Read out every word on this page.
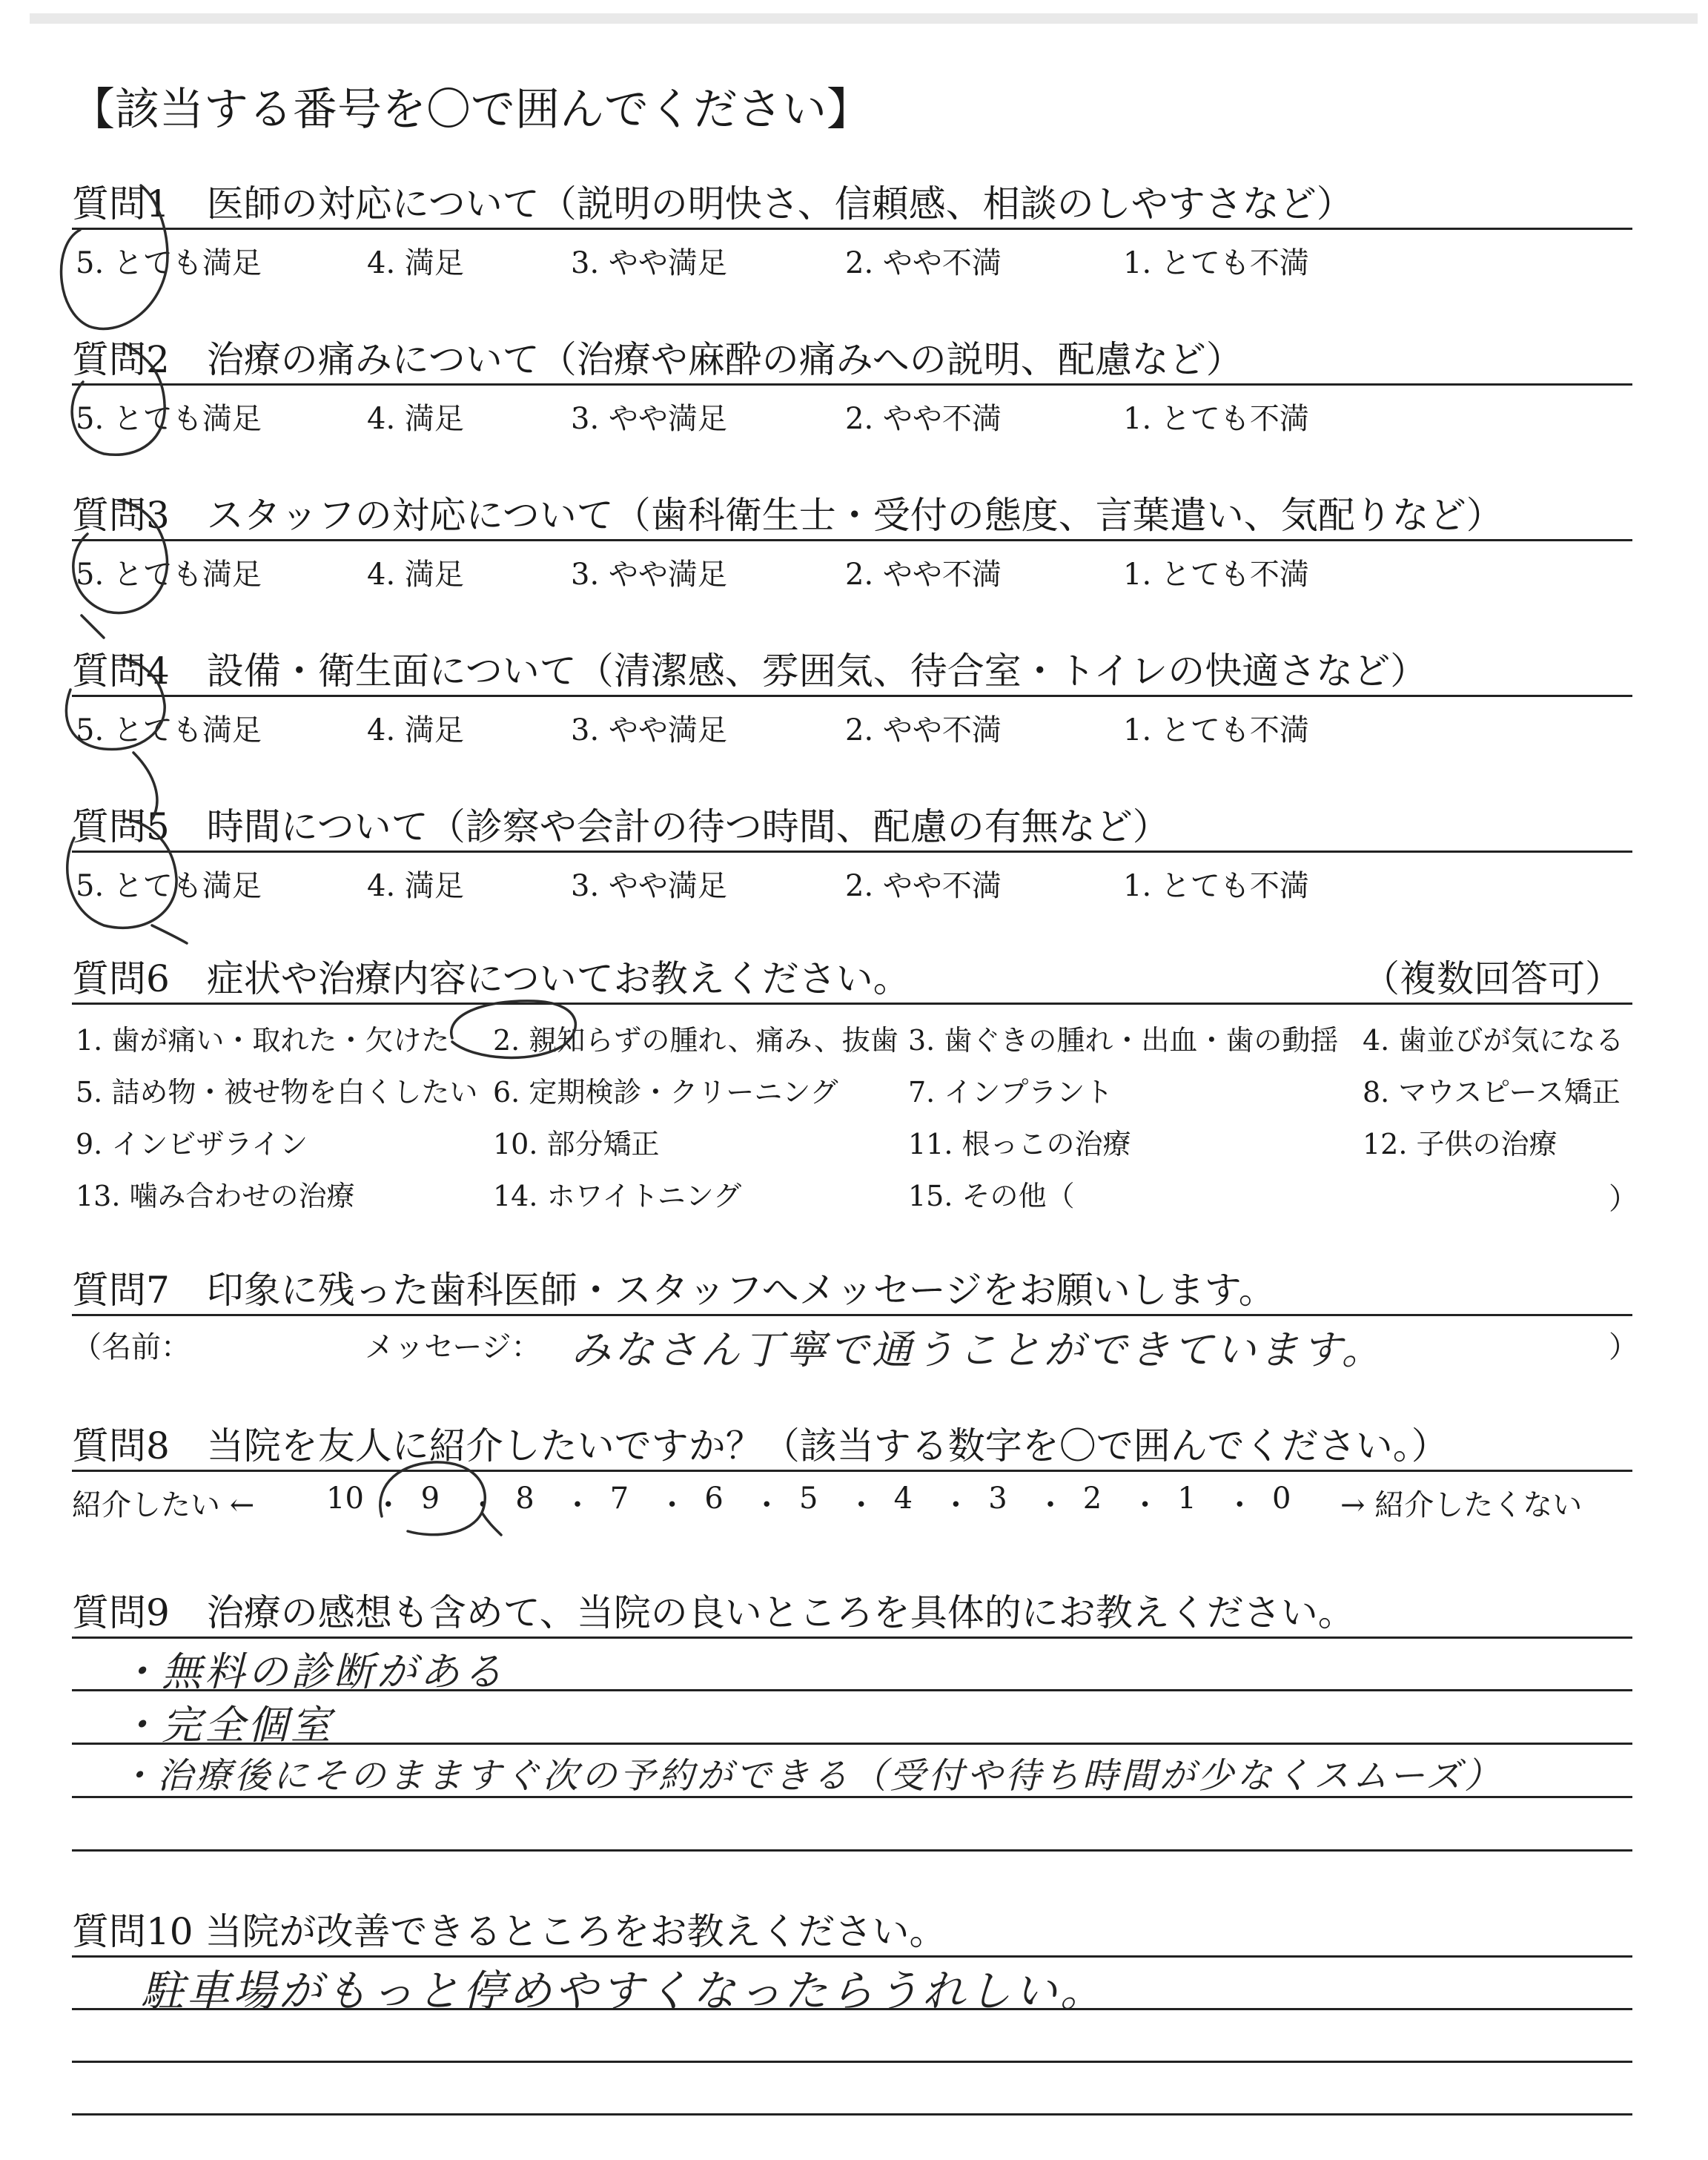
【該当する番号を〇で囲んでください】
質問1　医師の対応について（説明の明快さ、信頼感、相談のしやすさなど）
5. とても満足	4. 満足	3. やや満足	2. やや不満	1. とても不満
質問2　治療の痛みについて（治療や麻酔の痛みへの説明、配慮など）
5. とても満足	4. 満足	3. やや満足	2. やや不満	1. とても不満
質問3　スタッフの対応について（歯科衛生士・受付の態度、言葉遣い、気配りなど）
5. とても満足	4. 満足	3. やや満足	2. やや不満	1. とても不満
質問4　設備・衛生面について（清潔感、雰囲気、待合室・トイレの快適さなど）
5. とても満足	4. 満足	3. やや満足	2. やや不満	1. とても不満
質問5　時間について（診察や会計の待つ時間、配慮の有無など）
5. とても満足	4. 満足	3. やや満足	2. やや不満	1. とても不満
質問6　症状や治療内容についてお教えください。	（複数回答可）
1. 歯が痛い・取れた・欠けた 2. 親知らずの腫れ、痛み、抜歯 3. 歯ぐきの腫れ・出血・歯の動揺 4. 歯並びが気になる
5. 詰め物・被せ物を白くしたい 6. 定期検診・クリーニング 7. インプラント	8. マウスピース矯正
9. インビザライン	10. 部分矯正	11. 根っこの治療	12. 子供の治療
13. 噛み合わせの治療	14. ホワイトニング	15. その他（	）
質問7　印象に残った歯科医師・スタッフへメッセージをお願いします。
（名前：	メッセージ： みなさん丁寧で通うことができています。	）
質問8　当院を友人に紹介したいですか？（該当する数字を〇で囲んでください。）
紹介したい ← 10 ・ 9 ・ 8 ・ 7 ・ 6 ・ 5 ・ 4 ・ 3 ・ 2 ・ 1 ・ 0 → 紹介したくない
質問9　治療の感想も含めて、当院の良いところを具体的にお教えください。
・無料の診断がある
・完全個室
・治療後にそのまますぐ次の予約ができる（受付や待ち時間が少なくスムーズ）
質問10 当院が改善できるところをお教えください。
駐車場がもっと停めやすくなったらうれしい。
